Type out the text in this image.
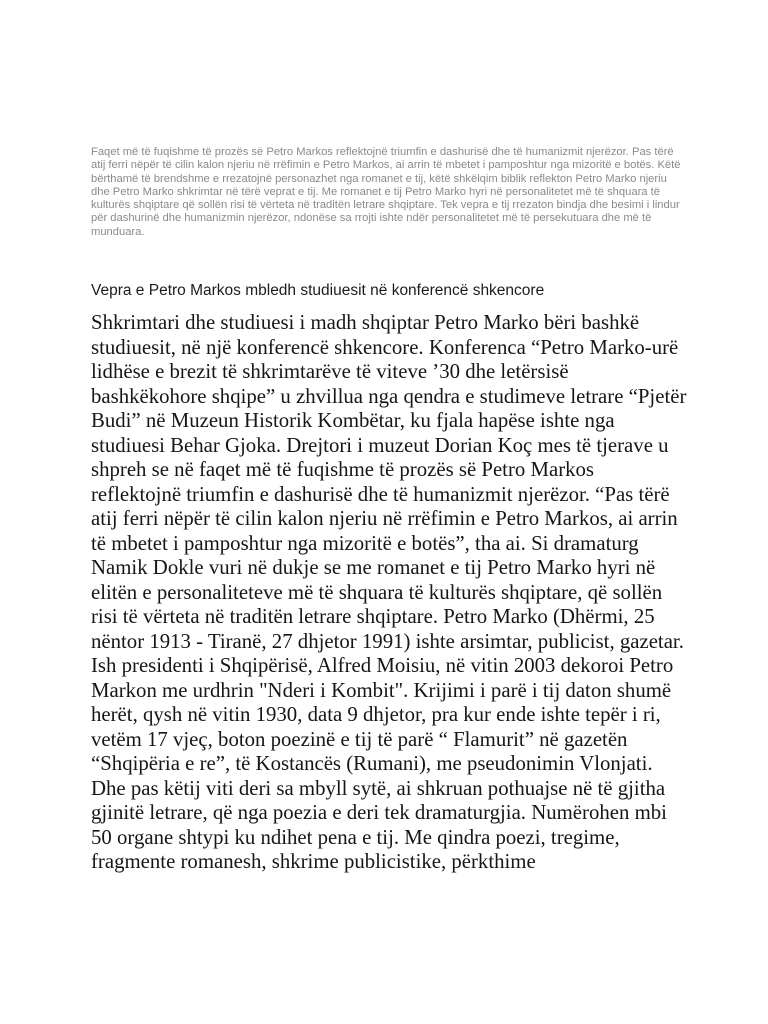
Faqet më të fuqishme të prozës së Petro Markos reflektojnë triumfin e dashurisë dhe të humanizmit njerëzor. Pas tërë atij ferri nëpër të cilin kalon njeriu në rrëfimin e Petro Markos, ai arrin të mbetet i pamposhtur nga mizoritë e botës. Këtë bërthamë të brendshme e rrezatojnë personazhet nga romanet e tij, këtë shkëlqim biblik reflekton Petro Marko njeriu dhe Petro Marko shkrimtar në tërë veprat e tij. Me romanet e tij Petro Marko hyri në personalitetet më të shquara të kulturës shqiptare që sollën risi të vërteta në traditën letrare shqiptare. Tek vepra e tij rrezaton bindja dhe besimi i lindur për dashurinë dhe humanizmin njerëzor, ndonëse sa rrojti ishte ndër personalitetet më të persekutuara dhe më të munduara.

Vepra e Petro Markos mbledh studiuesit në konferencë shkencore

Shkrimtari dhe studiuesi i madh shqiptar Petro Marko bëri bashkë studiuesit, në një konferencë shkencore. Konferenca “Petro Marko-urë lidhëse e brezit të shkrimtarëve të viteve ’30 dhe letërsisë bashkëkohore shqipe” u zhvillua nga qendra e studimeve letrare “Pjetër Budi” në Muzeun Historik Kombëtar, ku fjala hapëse ishte nga studiuesi Behar Gjoka. Drejtori i muzeut Dorian Koç mes të tjerave u shpreh se në faqet më të fuqishme të prozës së Petro Markos reflektojnë triumfin e dashurisë dhe të humanizmit njerëzor. “Pas tërë atij ferri nëpër të cilin kalon njeriu në rrëfimin e Petro Markos, ai arrin të mbetet i pamposhtur nga mizoritë e botës”, tha ai. Si dramaturg Namik Dokle vuri në dukje se me romanet e tij Petro Marko hyri në elitën e personaliteteve më të shquara të kulturës shqiptare, që sollën risi të vërteta në traditën letrare shqiptare. Petro Marko (Dhërmi, 25 nëntor 1913 - Tiranë, 27 dhjetor 1991) ishte arsimtar, publicist, gazetar. Ish presidenti i Shqipërisë, Alfred Moisiu, në vitin 2003 dekoroi Petro Markon me urdhrin "Nderi i Kombit". Krijimi i parë i tij daton shumë herët, qysh në vitin 1930, data 9 dhjetor, pra kur ende ishte tepër i ri, vetëm 17 vjeç, boton poezinë e tij të parë “ Flamurit” në gazetën “Shqipëria e re”, të Kostancës (Rumani), me pseudonimin Vlonjati. Dhe pas këtij viti deri sa mbyll sytë, ai shkruan pothuajse në të gjitha gjinitë letrare, që nga poezia e deri tek dramaturgjia. Numërohen mbi 50 organe shtypi ku ndihet pena e tij. Me qindra poezi, tregime, fragmente romanesh, shkrime publicistike, përkthime
